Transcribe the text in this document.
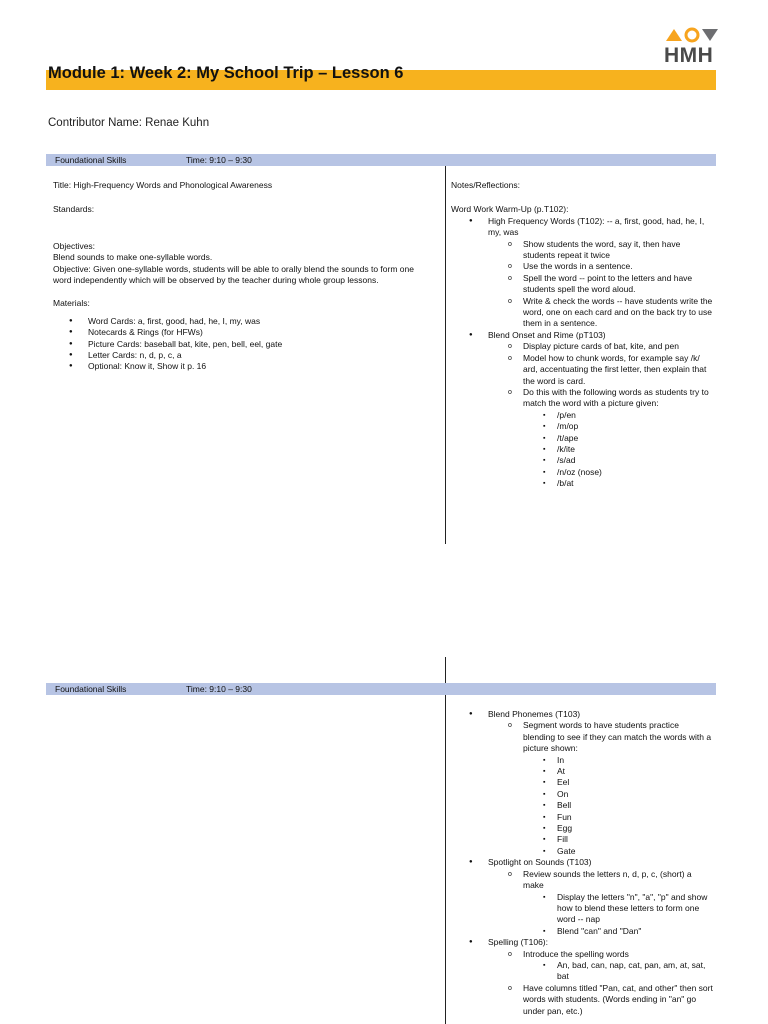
HMH
Module 1: Week 2: My School Trip – Lesson 6
Contributor Name: Renae Kuhn
Foundational Skills	Time: 9:10 – 9:30

Title: High-Frequency Words and Phonological Awareness

Standards:

Objectives:

Blend sounds to make one-syllable words.

Objective: Given one-syllable words, students will be able to orally blend the sounds to form one word independently which will be observed by the teacher during whole group lessons.

Materials:

● Word Cards: a, first, good, had, he, I, my, was
● Notecards & Rings (for HFWs)
● Picture Cards: baseball bat, kite, pen, bell, eel, gate
● Letter Cards: n, d, p, c, a
● Optional: Know it, Show it p. 16

Notes/Reflections:

Word Work Warm-Up (p.T102):

● High Frequency Words (T102): -- a, first, good, had, he, I, my, was
o Show students the word, say it, then have students repeat it twice
o Use the words in a sentence.
o Spell the word -- point to the letters and have students spell the word aloud.
o Write & check the words -- have students write the word, one on each card and on the back try to use them in a sentence.
● Blend Onset and Rime (pT103)
o Display picture cards of bat, kite, and pen
o Model how to chunk words, for example say /k/ ard, accentuating the first letter, then explain that the word is card.
o Do this with the following words as students try to match the word with a picture given:
▪ /p/en
▪ /m/op
▪ /t/ape
▪ /k/ite
▪ /s/ad
▪ /n/oz (nose)
▪ /b/at
Foundational Skills	Time: 9:10 – 9:30
● Blend Phonemes (T103)
o Segment words to have students practice blending to see if they can match the words with a picture shown:
▪ In
▪ At
▪ Eel
▪ On
▪ Bell
▪ Fun
▪ Egg
▪ Fill
▪ Gate
● Spotlight on Sounds (T103)
o Review sounds the letters n, d, p, c, (short) a make
▪ Display the letters "n", "a", "p" and show how to blend these letters to form one word -- nap
▪ Blend "can" and "Dan"
● Spelling (T106):
o Introduce the spelling words
▪ An, bad, can, nap, cat, pan, am, at, sat, bat
o Have columns titled "Pan, cat, and other" then sort words with students. (Words ending in "an" go under pan, etc.)
